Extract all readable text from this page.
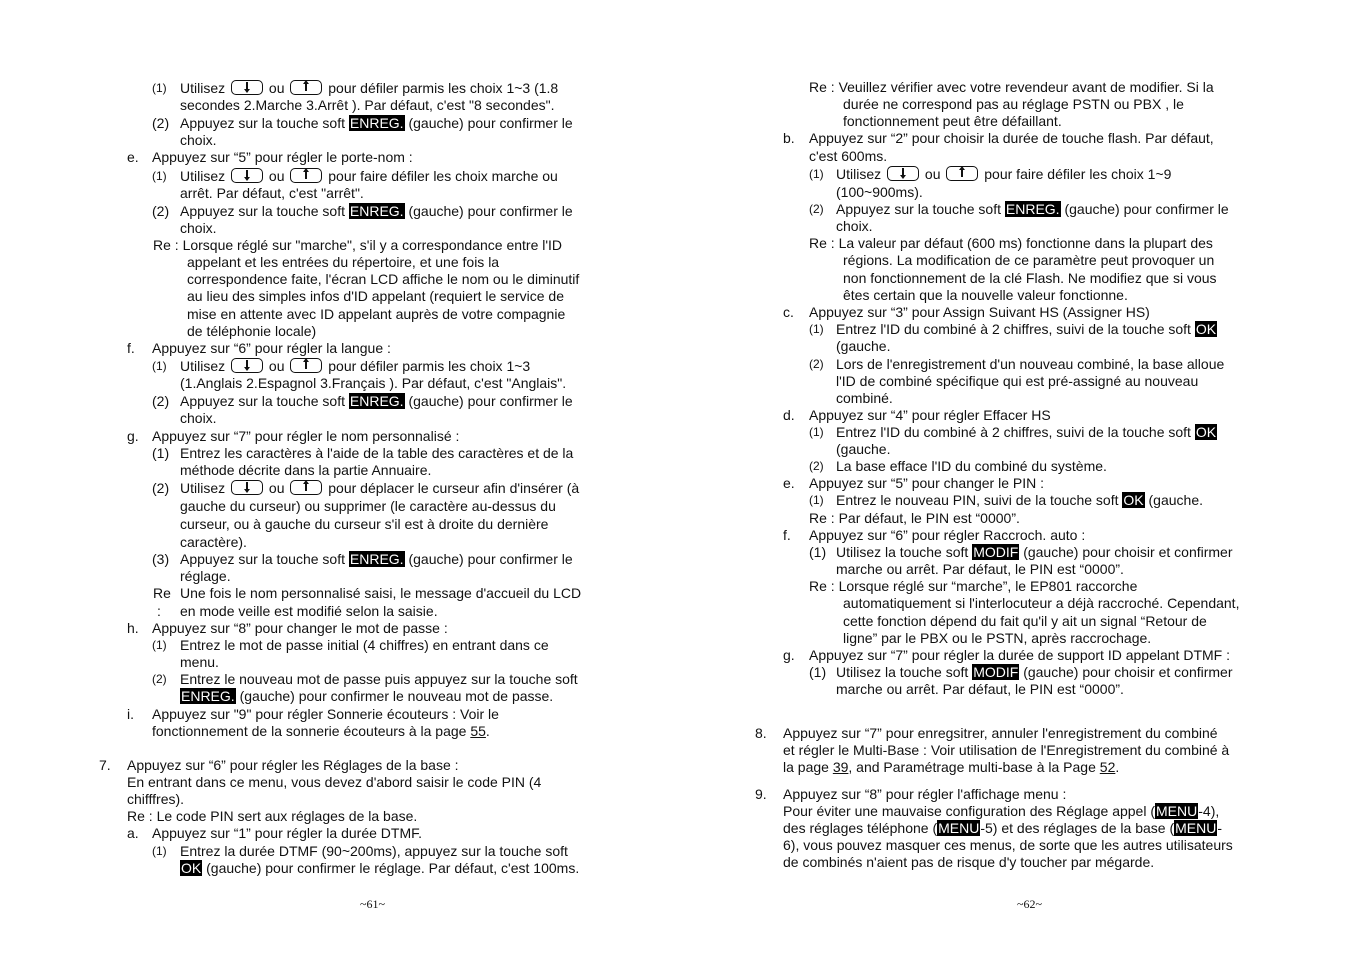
(1) Utilisez	ou	pour défiler parmis les choix 1~3 (1.8
secondes 2.Marche 3.Arrêt ). Par défaut, c'est "8 secondes".
(2) Appuyez sur la touche soft ENREG. (gauche) pour confirmer le
choix.
e. Appuyez sur “5” pour régler le porte-nom :
(1) Utilisez	ou	pour faire défiler les choix marche ou
arrêt. Par défaut, c'est "arrêt".
(2) Appuyez sur la touche soft ENREG. (gauche) pour confirmer le
choix.
Re : Lorsque réglé sur "marche", s'il y a correspondance entre l'ID
appelant et les entrées du répertoire, et une fois la
correspondence faite, l'écran LCD affiche le nom ou le diminutif
au lieu des simples infos d'ID appelant (requiert le service de
mise en attente avec ID appelant auprès de votre compagnie
de téléphonie locale)
f. Appuyez sur “6” pour régler la langue :
(1) Utilisez	ou	pour défiler parmis les choix 1~3
(1.Anglais 2.Espagnol 3.Français ). Par défaut, c'est "Anglais".
(2) Appuyez sur la touche soft ENREG. (gauche) pour confirmer le
choix.
g. Appuyez sur “7” pour régler le nom personnalisé :
(1) Entrez les caractères à l'aide de la table des caractères et de la
méthode décrite dans la partie Annuaire.
(2) Utilisez	ou	pour déplacer le curseur afin d'insérer (à
gauche du curseur) ou supprimer (le caractère au-dessus du
curseur, ou à gauche du curseur s'il est à droite du dernière
caractère).
(3) Appuyez sur la touche soft ENREG. (gauche) pour confirmer le
réglage.
Re Une fois le nom personnalisé saisi, le message d'accueil du LCD
: en mode veille est modifié selon la saisie.
h. Appuyez sur “8” pour changer le mot de passe :
(1) Entrez le mot de passe initial (4 chiffres) en entrant dans ce
menu.
(2) Entrez le nouveau mot de passe puis appuyez sur la touche soft
ENREG. (gauche) pour confirmer le nouveau mot de passe.
i. Appuyez sur "9" pour régler Sonnerie écouteurs : Voir le
fonctionnement de la sonnerie écouteurs à la page 55.
7. Appuyez sur “6” pour régler les Réglages de la base :
En entrant dans ce menu, vous devez d'abord saisir le code PIN (4
chifffres).
Re : Le code PIN sert aux réglages de la base.
a. Appuyez sur “1” pour régler la durée DTMF.
(1) Entrez la durée DTMF (90~200ms), appuyez sur la touche soft
OK (gauche) pour confirmer le réglage. Par défaut, c'est 100ms.
~61~
Re : Veuillez vérifier avec votre revendeur avant de modifier. Si la
durée ne correspond pas au réglage PSTN ou PBX , le
fonctionnement peut être défaillant.
b. Appuyez sur “2” pour choisir la durée de touche flash. Par défaut,
c'est 600ms.
(1) Utilisez	ou	pour faire défiler les choix 1~9
(100~900ms).
(2) Appuyez sur la touche soft ENREG. (gauche) pour confirmer le
choix.
Re : La valeur par défaut (600 ms) fonctionne dans la plupart des
régions. La modification de ce paramètre peut provoquer un
non fonctionnement de la clé Flash. Ne modifiez que si vous
êtes certain que la nouvelle valeur fonctionne.
c. Appuyez sur “3” pour Assign Suivant HS (Assigner HS)
(1) Entrez l'ID du combiné à 2 chiffres, suivi de la touche soft OK
(gauche.
(2) Lors de l'enregistrement d'un nouveau combiné, la base alloue
l'ID de combiné spécifique qui est pré-assigné au nouveau
combiné.
d. Appuyez sur “4” pour régler Effacer HS
(1) Entrez l'ID du combiné à 2 chiffres, suivi de la touche soft OK
(gauche.
(2) La base efface l'ID du combiné du système.
e. Appuyez sur “5” pour changer le PIN :
(1) Entrez le nouveau PIN, suivi de la touche soft OK (gauche.
Re : Par défaut, le PIN est “0000”.
f. Appuyez sur “6” pour régler Raccroch. auto :
(1) Utilisez la touche soft MODIF (gauche) pour choisir et confirmer
marche ou arrêt. Par défaut, le PIN est “0000”.
Re : Lorsque réglé sur “marche”, le EP801 raccorche
automatiquement si l'interlocuteur a déjà raccroché. Cependant,
cette fonction dépend du fait qu'il y ait un signal “Retour de
ligne” par le PBX ou le PSTN, après raccrochage.
g. Appuyez sur “7” pour régler la durée de support ID appelant DTMF :
(1) Utilisez la touche soft MODIF (gauche) pour choisir et confirmer
marche ou arrêt. Par défaut, le PIN est “0000”.
8. Appuyez sur “7” pour enregsitrer, annuler l'enregistrement du combiné
et régler le Multi-Base : Voir utilisation de l'Enregistrement du combiné à
la page 39, and Paramétrage multi-base à la Page 52.
9. Appuyez sur “8” pour régler l'affichage menu :
Pour éviter une mauvaise configuration des Réglage appel (MENU-4),
des réglages téléphone (MENU-5) et des réglages de la base (MENU-
6), vous pouvez masquer ces menus, de sorte que les autres utilisateurs
de combinés n'aient pas de risque d'y toucher par mégarde.
~62~
